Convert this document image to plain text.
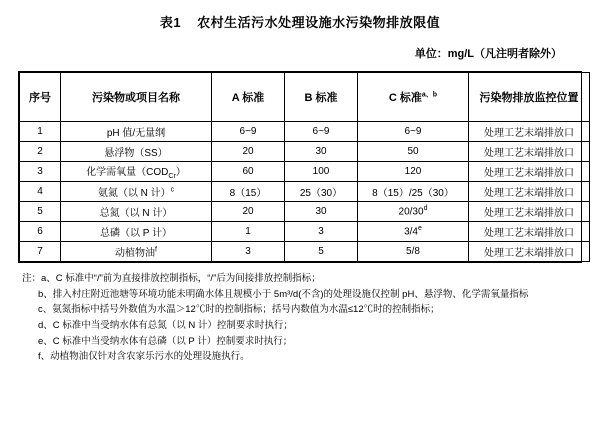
表1 农村生活污水处理设施水污染物排放限值
单位：mg/L（凡注明者除外）
序号	污染物或项目名称	A 标准	B 标准	C 标准$^{a、b}$	污染物排放监控位置
1	pH 值/无量纲	6~9	6~9	6~9	处理工艺末端排放口
2	悬浮物（SS）	20	30	50	处理工艺末端排放口
3	化学需氧量$(COD_{Cr})$	60	100	120	处理工艺末端排放口
4	氨氮（以 N 计）$^c$	8（15）	25（30）	8（15）/25（30）	处理工艺末端排放口
5	总氮（以 N 计）	20	30	20/30$^d$	处理工艺末端排放口
6	总磷（以 P 计）	1	3	3/4e	处理工艺末端排放口
7	动植物油$^f$	3	5	5/8	处理工艺末端排放口
注：a、C 标准中“/”前为直接排放控制指标，“/”后为间接排放控制指标；
b、排入村庄附近池塘等环境功能未明确水体且规模小于 5m³/d(不含)的处理设施仅控制 pH、悬浮物、化学需氧量指标
c、氨氮指标中括号外数值为水温＞12℃时的控制指标；括号内数值为水温≤12℃时的控制指标；
d、C 标准中当受纳水体有总氮（以 N 计）控制要求时执行；
e、C 标准中当受纳水体有总磷（以 P 计）控制要求时执行；
f、动植物油仅针对含农家乐污水的处理设施执行。
